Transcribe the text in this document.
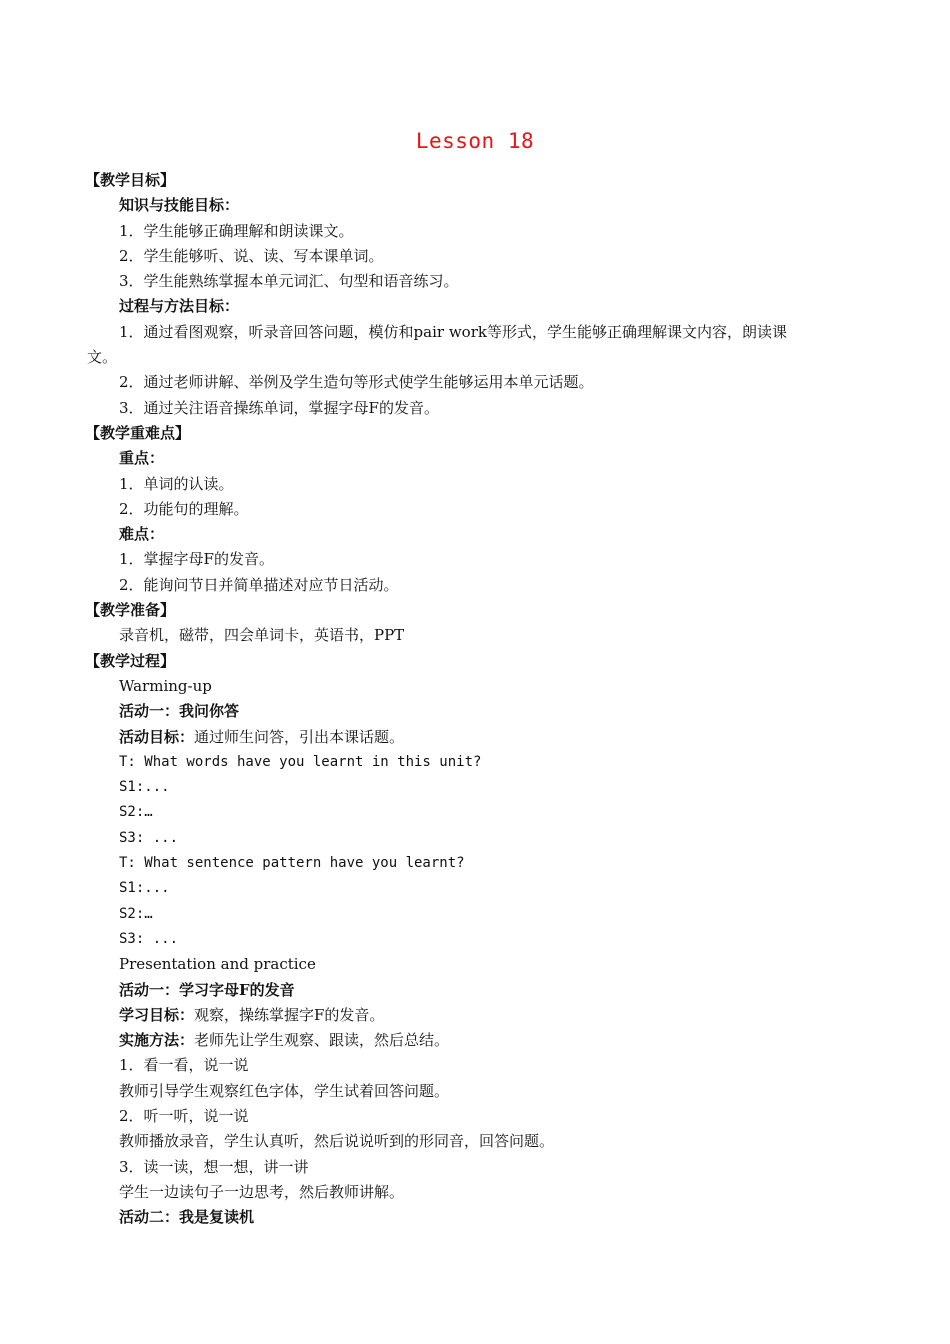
Lesson 18
【教学目标】
知识与技能目标：
1．学生能够正确理解和朗读课文。
2．学生能够听、说、读、写本课单词。
3．学生能熟练掌握本单元词汇、句型和语音练习。
过程与方法目标：
1．通过看图观察，听录音回答问题，模仿和pair work等形式，学生能够正确理解课文内容，朗读课
文。
2．通过老师讲解、举例及学生造句等形式使学生能够运用本单元话题。
3．通过关注语音操练单词，掌握字母F的发音。
【教学重难点】
重点：
1．单词的认读。
2．功能句的理解。
难点：
1．掌握字母F的发音。
2．能询问节日并简单描述对应节日活动。
【教学准备】
录音机，磁带，四会单词卡，英语书，PPT
【教学过程】
Warming-up
活动一：我问你答
活动目标：通过师生问答，引出本课话题。
T: What words have you learnt in this unit?
S1:...
S2:…
S3: ...
T: What sentence pattern have you learnt?
S1:...
S2:…
S3: ...
Presentation and practice
活动一：学习字母F的发音
学习目标：观察，操练掌握字F的发音。
实施方法：老师先让学生观察、跟读，然后总结。
1．看一看，说一说
教师引导学生观察红色字体，学生试着回答问题。
2．听一听，说一说
教师播放录音，学生认真听，然后说说听到的形同音，回答问题。
3．读一读，想一想，讲一讲
学生一边读句子一边思考，然后教师讲解。
活动二：我是复读机
